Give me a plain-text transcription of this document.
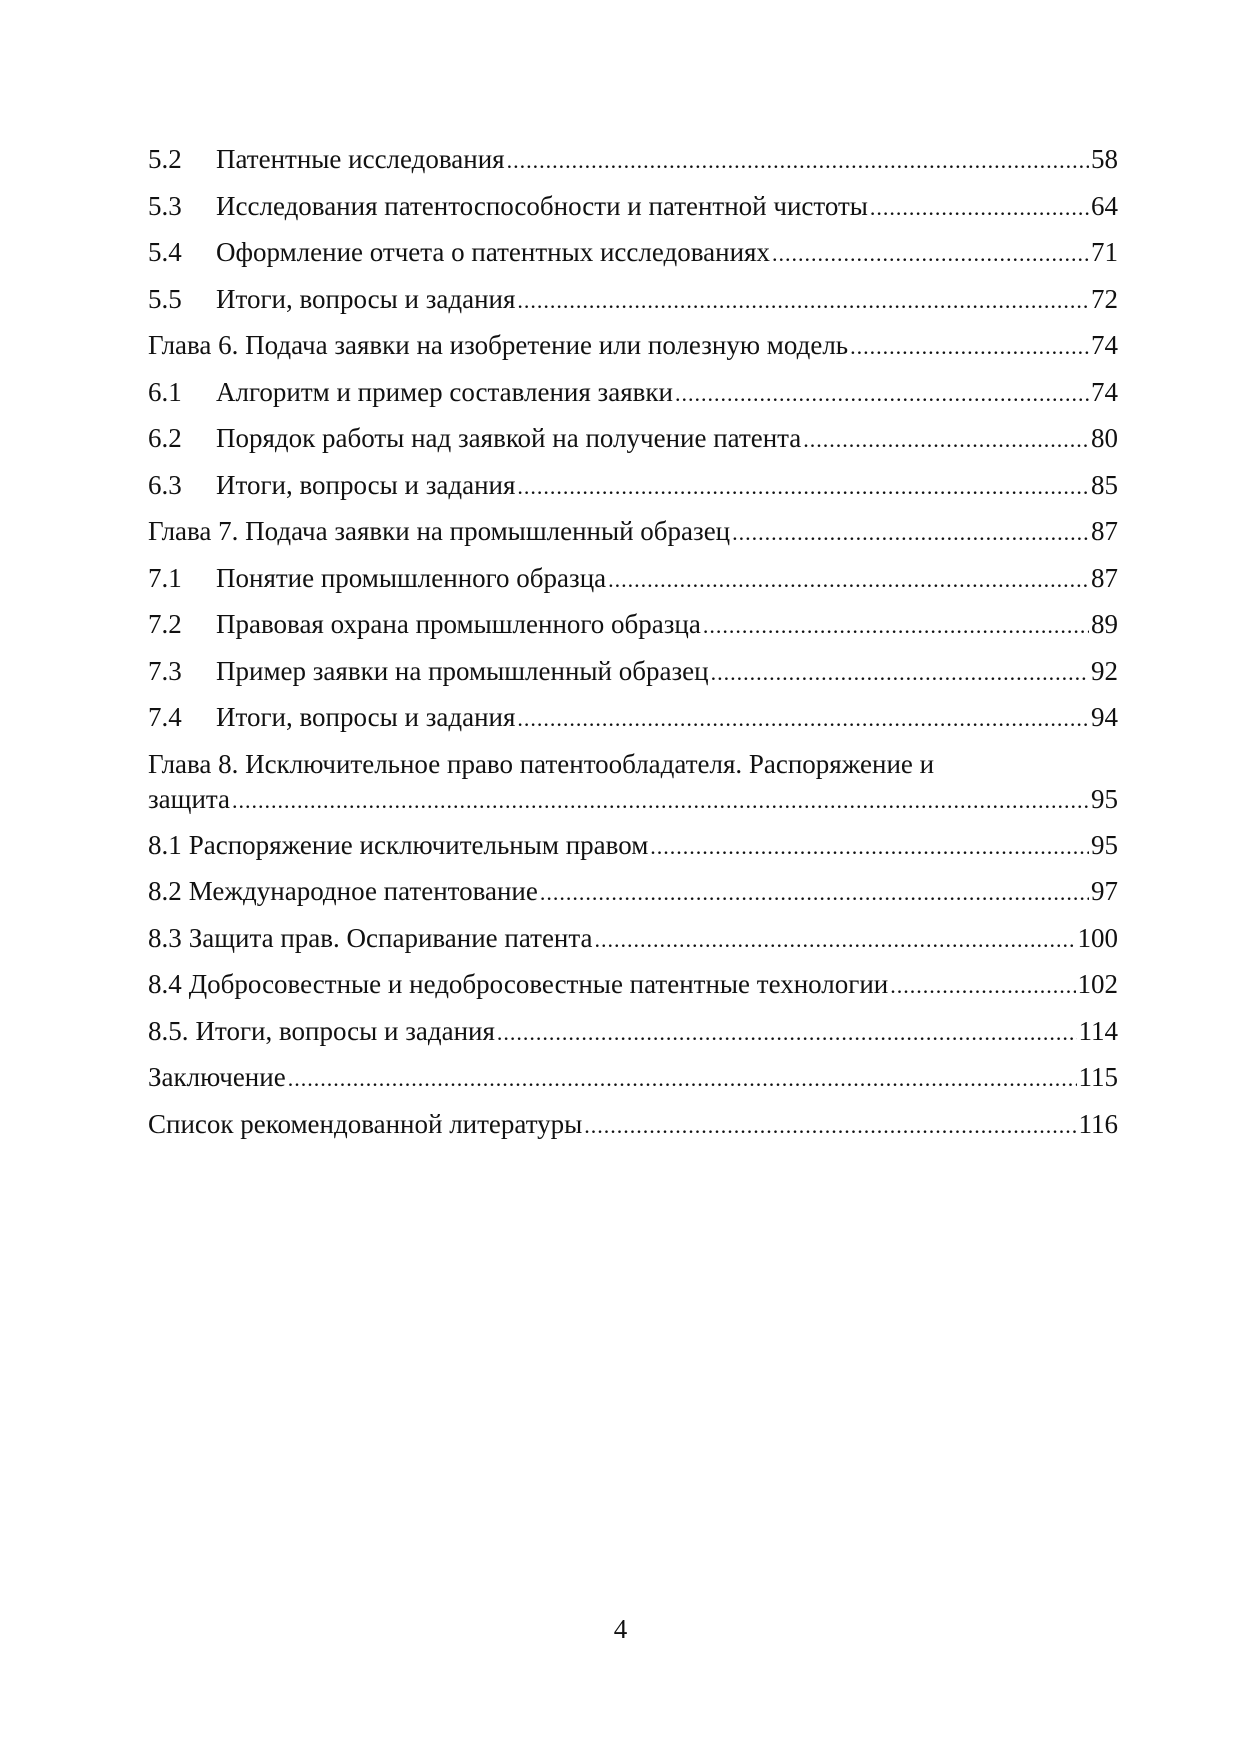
5.2	Патентные исследования .....	58
5.3	Исследования патентоспособности и патентной чистоты .....	64
5.4	Оформление отчета о патентных исследованиях .....	71
5.5	Итоги, вопросы и задания .....	72
Глава 6. Подача заявки на изобретение или полезную модель .....	74
6.1	Алгоритм и пример составления заявки .....	74
6.2	Порядок работы над заявкой на получение патента .....	80
6.3	Итоги, вопросы и задания .....	85
Глава 7. Подача заявки на промышленный образец .....	87
7.1	Понятие промышленного образца .....	87
7.2	Правовая охрана промышленного образца .....	89
7.3	Пример заявки на промышленный образец .....	92
7.4	Итоги, вопросы и задания .....	94
Глава 8. Исключительное право патентообладателя. Распоряжение и
защита .....	95
8.1 Распоряжение исключительным правом .....	95
8.2 Международное патентование .....	97
8.3 Защита прав. Оспаривание патента .....	100
8.4 Добросовестные и недобросовестные патентные технологии .....	102
8.5. Итоги, вопросы и задания .....	114
Заключение .....	115
Список рекомендованной литературы .....	116
4
